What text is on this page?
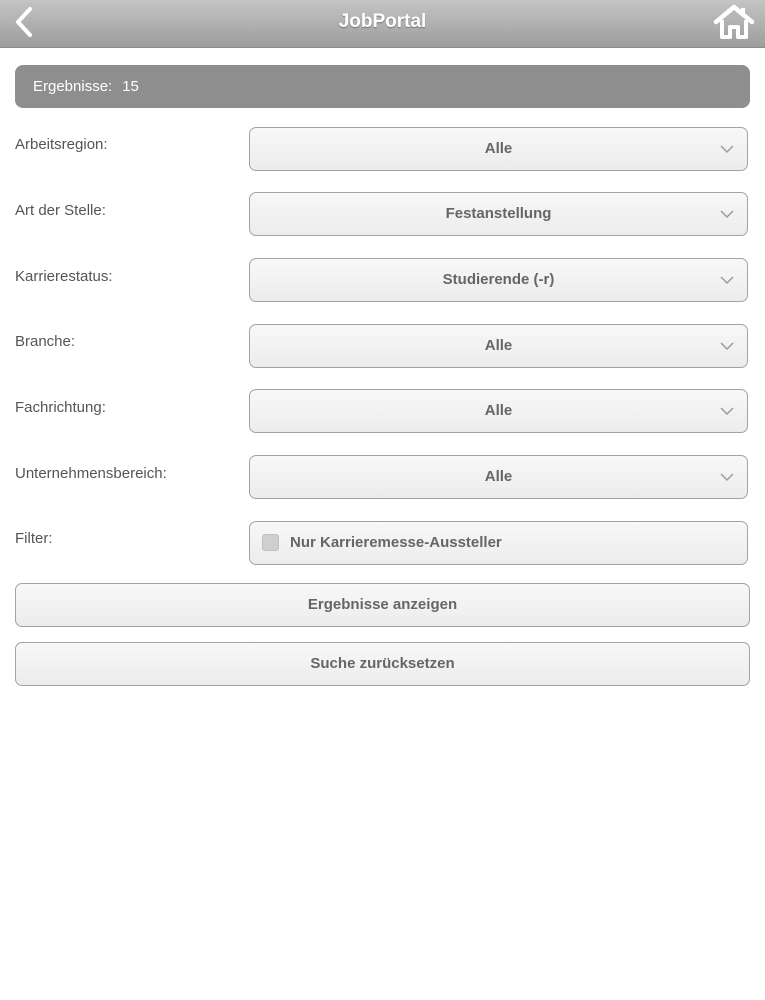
JobPortal
Ergebnisse: 15
Arbeitsregion:	Alle
Art der Stelle:	Festanstellung
Karrierestatus:	Studierende (-r)
Branche:	Alle
Fachrichtung:	Alle
Unternehmensbereich:	Alle
Filter:	Nur Karrieremesse-Aussteller
Ergebnisse anzeigen
Suche zurücksetzen
